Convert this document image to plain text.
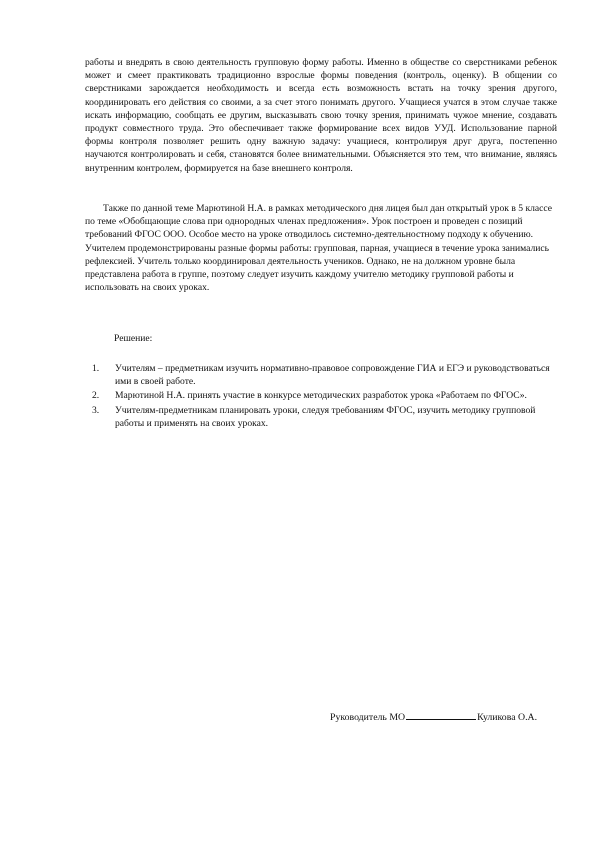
работы и внедрять в свою деятельность групповую форму работы. Именно в обществе со сверстниками ребенок может и смеет практиковать традиционно взрослые формы поведения (контроль, оценку). В общении со сверстниками зарождается необходимость и всегда есть возможность встать на точку зрения другого, координировать его действия со своими, а за счет этого понимать другого. Учащиеся учатся в этом случае также искать информацию, сообщать ее другим, высказывать свою точку зрения, принимать чужое мнение, создавать продукт совместного труда. Это обеспечивает также формирование всех видов УУД. Использование парной формы контроля позволяет решить одну важную задачу: учащиеся, контролируя друг друга, постепенно научаются контролировать и себя, становятся более внимательными. Объясняется это тем, что внимание, являясь внутренним контролем, формируется на базе внешнего контроля.
Также по данной теме Марютиной Н.А. в рамках методического дня лицея был дан открытый урок в 5 классе по теме «Обобщающие слова при однородных членах предложения». Урок построен и проведен с позиций требований ФГОС ООО. Особое место на уроке отводилось системно-деятельностному подходу к обучению. Учителем продемонстрированы разные формы работы: групповая, парная, учащиеся в течение урока занимались рефлексией. Учитель только координировал деятельность учеников. Однако, не на должном уровне была представлена работа в группе, поэтому следует изучить каждому учителю методику групповой работы и использовать на своих уроках.
Решение:
1. Учителям – предметникам изучить нормативно-правовое сопровождение ГИА и ЕГЭ и руководствоваться ими в своей работе.
2. Марютиной Н.А. принять участие в конкурсе методических разработок урока «Работаем по ФГОС».
3. Учителям-предметникам планировать уроки, следуя требованиям ФГОС, изучить методику групповой работы и применять на своих уроках.
Руководитель МО	Куликова О.А.
